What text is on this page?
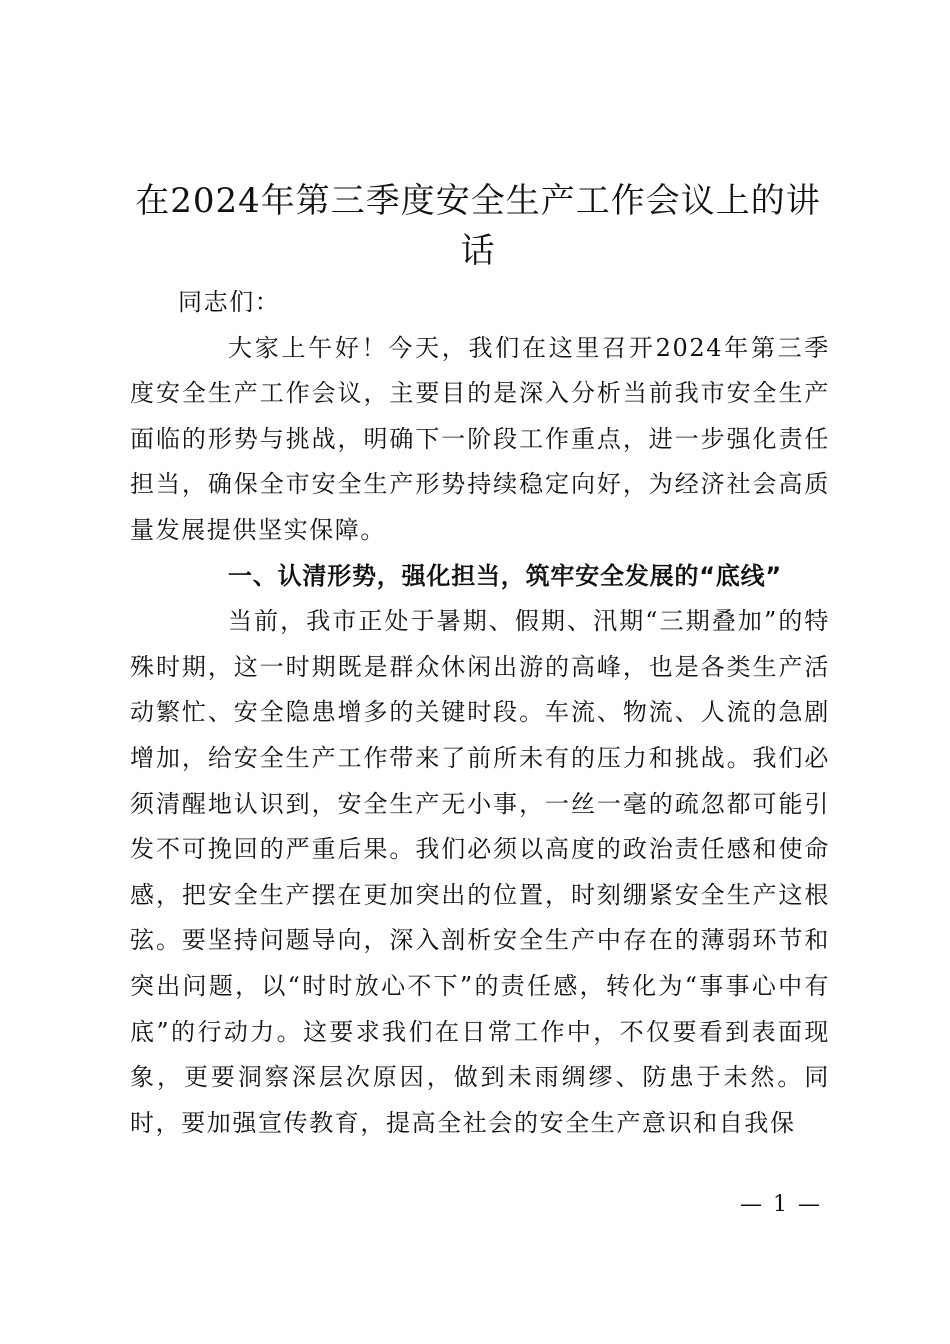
在2024年第三季度安全生产工作会议上的讲话

同志们：

大家上午好！今天，我们在这里召开2024年第三季度安全生产工作会议，主要目的是深入分析当前我市安全生产面临的形势与挑战，明确下一阶段工作重点，进一步强化责任担当，确保全市安全生产形势持续稳定向好，为经济社会高质量发展提供坚实保障。

一、认清形势，强化担当，筑牢安全发展的“底线”

当前，我市正处于暑期、假期、汛期“三期叠加”的特殊时期，这一时期既是群众休闲出游的高峰，也是各类生产活动繁忙、安全隐患增多的关键时段。车流、物流、人流的急剧增加，给安全生产工作带来了前所未有的压力和挑战。我们必须清醒地认识到，安全生产无小事，一丝一毫的疏忽都可能引发不可挽回的严重后果。我们必须以高度的政治责任感和使命感，把安全生产摆在更加突出的位置，时刻绷紧安全生产这根弦。要坚持问题导向，深入剖析安全生产中存在的薄弱环节和突出问题，以“时时放心不下”的责任感，转化为“事事心中有底”的行动力。这要求我们在日常工作中，不仅要看到表面现象，更要洞察深层次原因，做到未雨绸缪、防患于未然。同时，要加强宣传教育，提高全社会的安全生产意识和自我保

— 1 —
